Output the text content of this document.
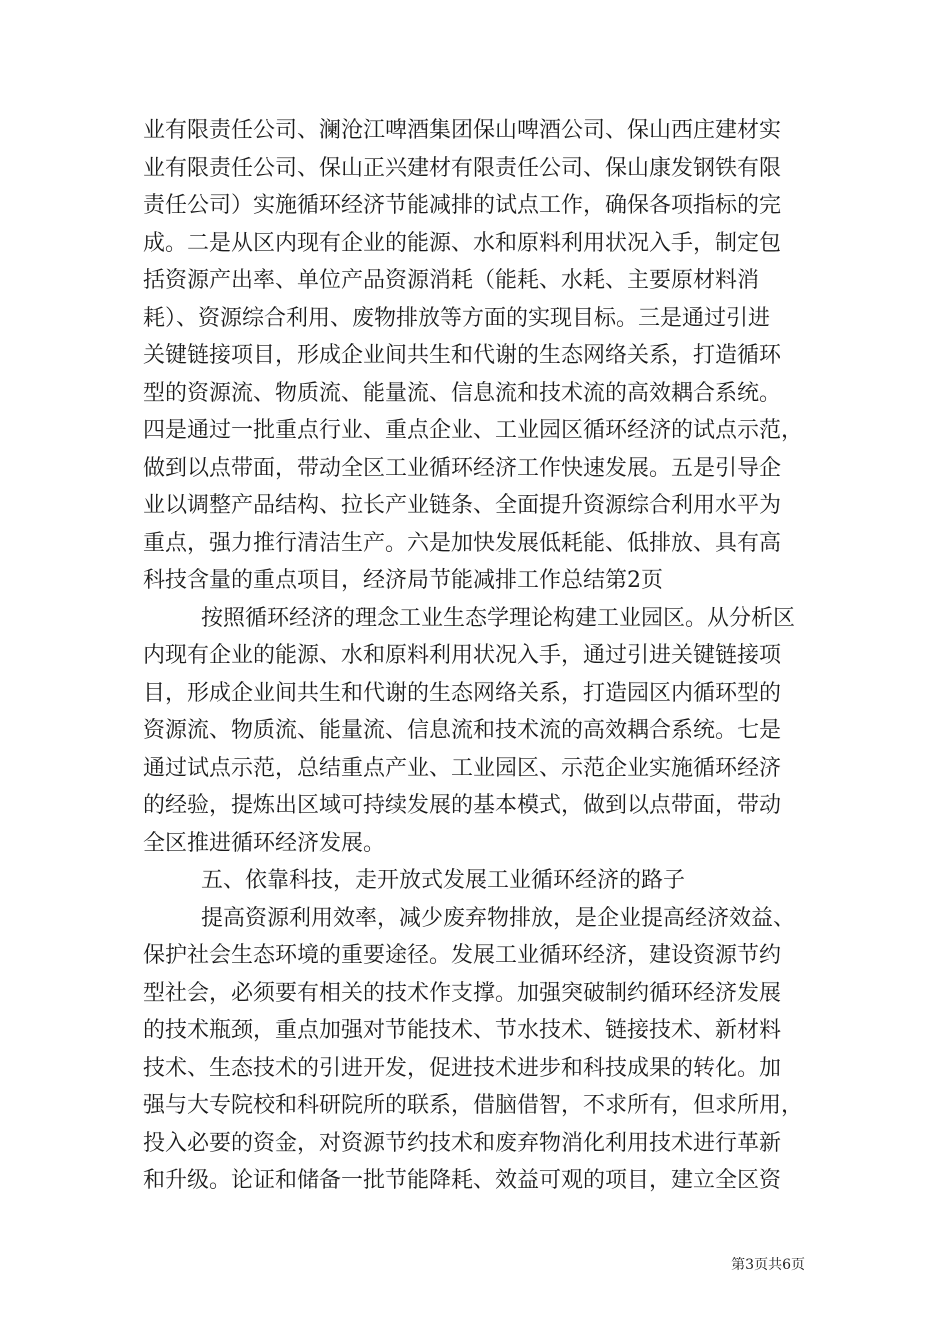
业有限责任公司、澜沧江啤酒集团保山啤酒公司、保山西庄建材实
业有限责任公司、保山正兴建材有限责任公司、保山康发钢铁有限
责任公司）实施循环经济节能减排的试点工作，确保各项指标的完
成。二是从区内现有企业的能源、水和原料利用状况入手，制定包
括资源产出率、单位产品资源消耗（能耗、水耗、主要原材料消
耗）、资源综合利用、废物排放等方面的实现目标。三是通过引进
关键链接项目，形成企业间共生和代谢的生态网络关系，打造循环
型的资源流、物质流、能量流、信息流和技术流的高效耦合系统。
四是通过一批重点行业、重点企业、工业园区循环经济的试点示范，
做到以点带面，带动全区工业循环经济工作快速发展。五是引导企
业以调整产品结构、拉长产业链条、全面提升资源综合利用水平为
重点，强力推行清洁生产。六是加快发展低耗能、低排放、具有高
科技含量的重点项目，经济局节能减排工作总结第2页
按照循环经济的理念工业生态学理论构建工业园区。从分析区
内现有企业的能源、水和原料利用状况入手，通过引进关键链接项
目，形成企业间共生和代谢的生态网络关系，打造园区内循环型的
资源流、物质流、能量流、信息流和技术流的高效耦合系统。七是
通过试点示范，总结重点产业、工业园区、示范企业实施循环经济
的经验，提炼出区域可持续发展的基本模式，做到以点带面，带动
全区推进循环经济发展。
五、依靠科技，走开放式发展工业循环经济的路子
提高资源利用效率，减少废弃物排放，是企业提高经济效益、
保护社会生态环境的重要途径。发展工业循环经济，建设资源节约
型社会，必须要有相关的技术作支撑。加强突破制约循环经济发展
的技术瓶颈，重点加强对节能技术、节水技术、链接技术、新材料
技术、生态技术的引进开发，促进技术进步和科技成果的转化。加
强与大专院校和科研院所的联系，借脑借智，不求所有，但求所用，
投入必要的资金，对资源节约技术和废弃物消化利用技术进行革新
和升级。论证和储备一批节能降耗、效益可观的项目，建立全区资
第3页共6页
